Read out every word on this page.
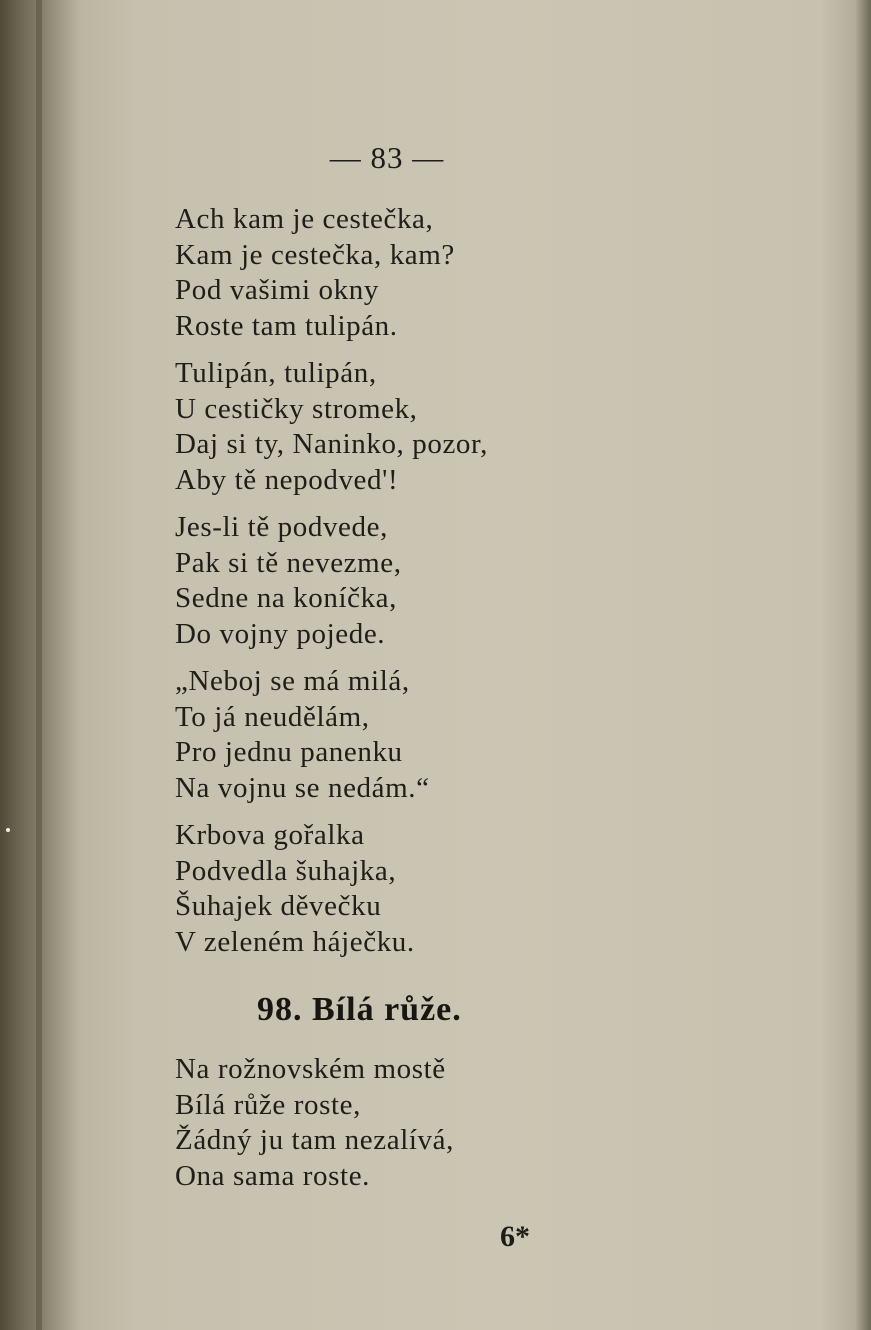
— 83 —
Ach kam je cestečka,
Kam je cestečka, kam?
Pod vašimi okny
Roste tam tulipán.
Tulipán, tulipán,
U cestičky stromek,
Daj si ty, Naninko, pozor,
Aby tě nepodved'!
Jes-li tě podvede,
Pak si tě nevezme,
Sedne na koníčka,
Do vojny pojede.
„Neboj se má milá,
To já neudělám,
Pro jednu panenku
Na vojnu se nedám.“
Krbova gořalka
Podvedla šuhajka,
Šuhajek děvečku
V zeleném háječku.
98. Bílá růže.
Na rožnovském mostě
Bílá růže roste,
Žádný ju tam nezalívá,
Ona sama roste.
6*
